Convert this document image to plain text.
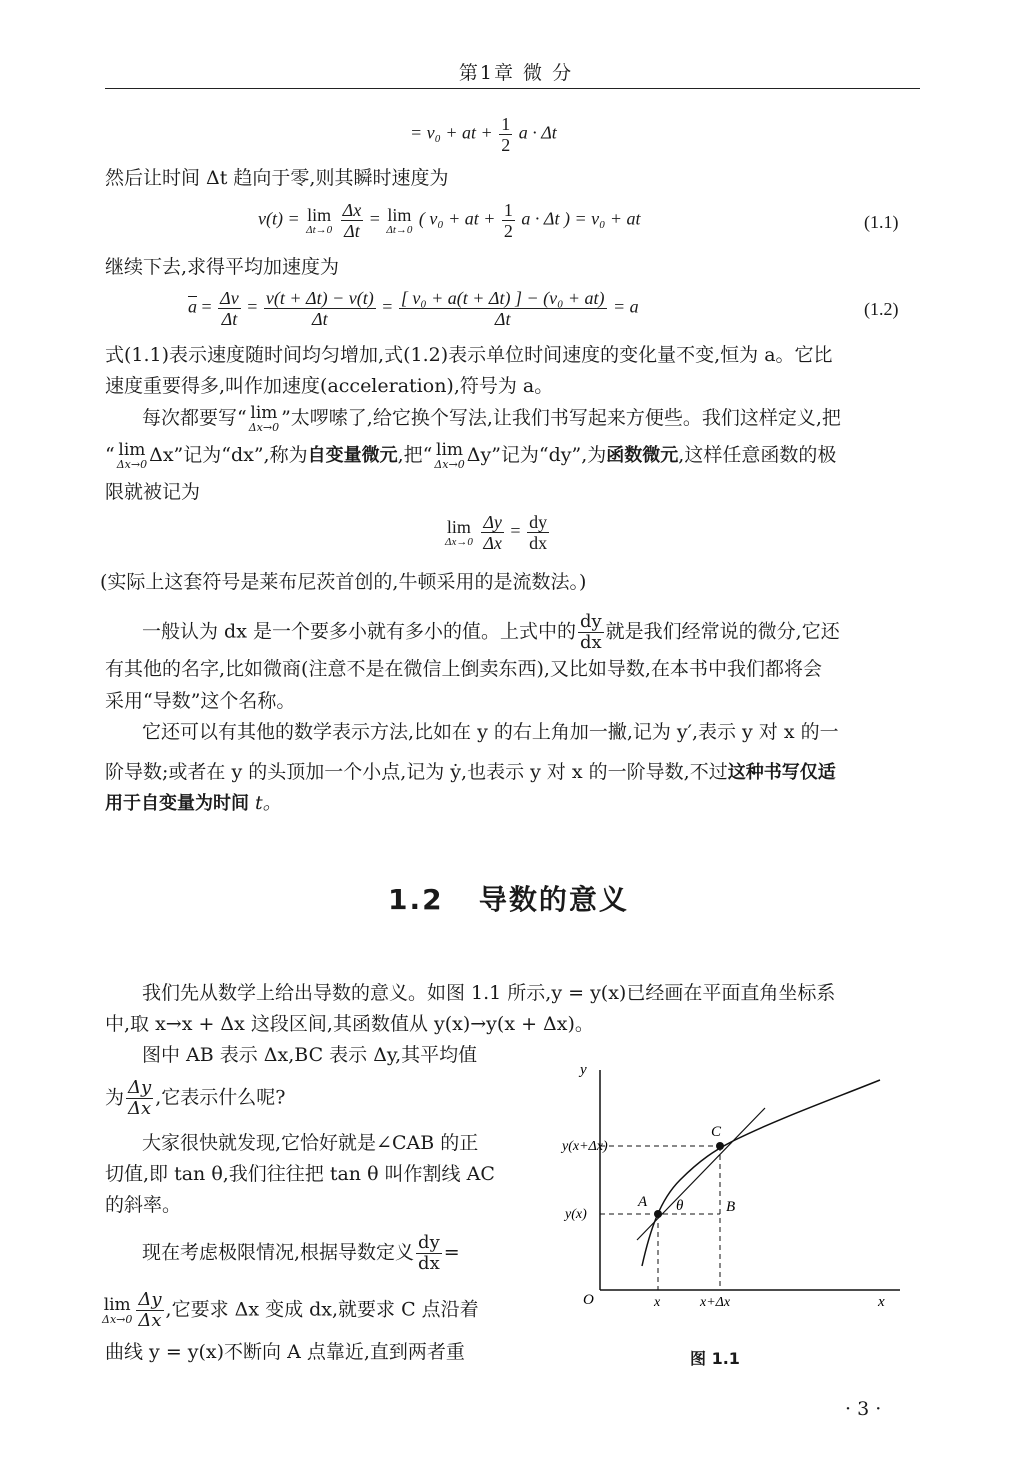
第1章 微 分
= v₀ + at + $\frac{1}{2}$ a · Δt
然后让时间 Δt 趋向于零,则其瞬时速度为
v(t) = lim
Δt→0
$\frac{\Delta x}{\Delta t} = \lim$
Δt→0
( v₀ + at + $\frac{1}{2}$ a · Δt ) = v₀ + at	(1.1)
继续下去,求得平均加速度为
$\overline{a} = \frac{\Delta v}{\Delta t} = \frac{v(t + \Delta t) - v(t)}{\Delta t} = \frac{\text{[ v₀ + a(t + Δt) ] − (v₀ + at)}}{\Delta t} = a$	(1.2)
式(1.1)表示速度随时间均匀增加,式(1.2)表示单位时间速度的变化量不变,恒为 a。它比
速度重要得多,叫作加速度(acceleration),符号为 a。
每次都要写“ lim
Δx→0 ”太啰嗦了,给它换个写法,让我们书写起来方便些。我们这样定义,把
“ lim
Δx→0 Δx”记为“dx”,称为自变量微元,把“ lim
Δx→0 Δy”记为“dy”,为函数微元,这样任意函数的极
限就被记为
lim
Δx→0
$\frac{\Delta y}{\Delta x} = \frac{dy}{dx}$
(实际上这套符号是莱布尼茨首创的,牛顿采用的是流数法。)
一般认为 dx 是一个要多小就有多小的值。上式中的 $\frac{dy}{dx}$ 就是我们经常说的微分,它还
有其他的名字,比如微商(注意不是在微信上倒卖东西),又比如导数,在本书中我们都将会
采用“导数”这个名称。
它还可以有其他的数学表示方法,比如在 y 的右上角加一撇,记为 y′,表示 y 对 x 的一
阶导数;或者在 y 的头顶加一个小点,记为 ẏ,也表示 y 对 x 的一阶导数,不过这种书写仅适
用于自变量为时间 t。
1.2 导数的意义
我们先从数学上给出导数的意义。如图 1.1 所示,y = y(x)已经画在平面直角坐标系
中,取 x→x + Δx 这段区间,其函数值从 y(x)→y(x + Δx)。
图中 AB 表示 Δx,BC 表示 Δy,其平均值
为 $\frac{\Delta y}{\Delta x}$ ,它表示什么呢?
大家很快就发现,它恰好就是∠CAB 的正
切值,即 tan θ,我们往往把 tan θ 叫作割线 AC
的斜率。
现在考虑极限情况,根据导数定义 $\frac{dy}{dx}$ =
lim
$\Delta x\to 0 \frac{\Delta y}{\Delta x}$ ,它要求 Δx 变成 dx,就要求 C 点沿着
曲线 y = y(x)不断向 A 点靠近,直到两者重
y
x
O
y(x)
y(x+Δx)
A	B
C
θ
x	x+Δx
图 1.1
· 3 ·
